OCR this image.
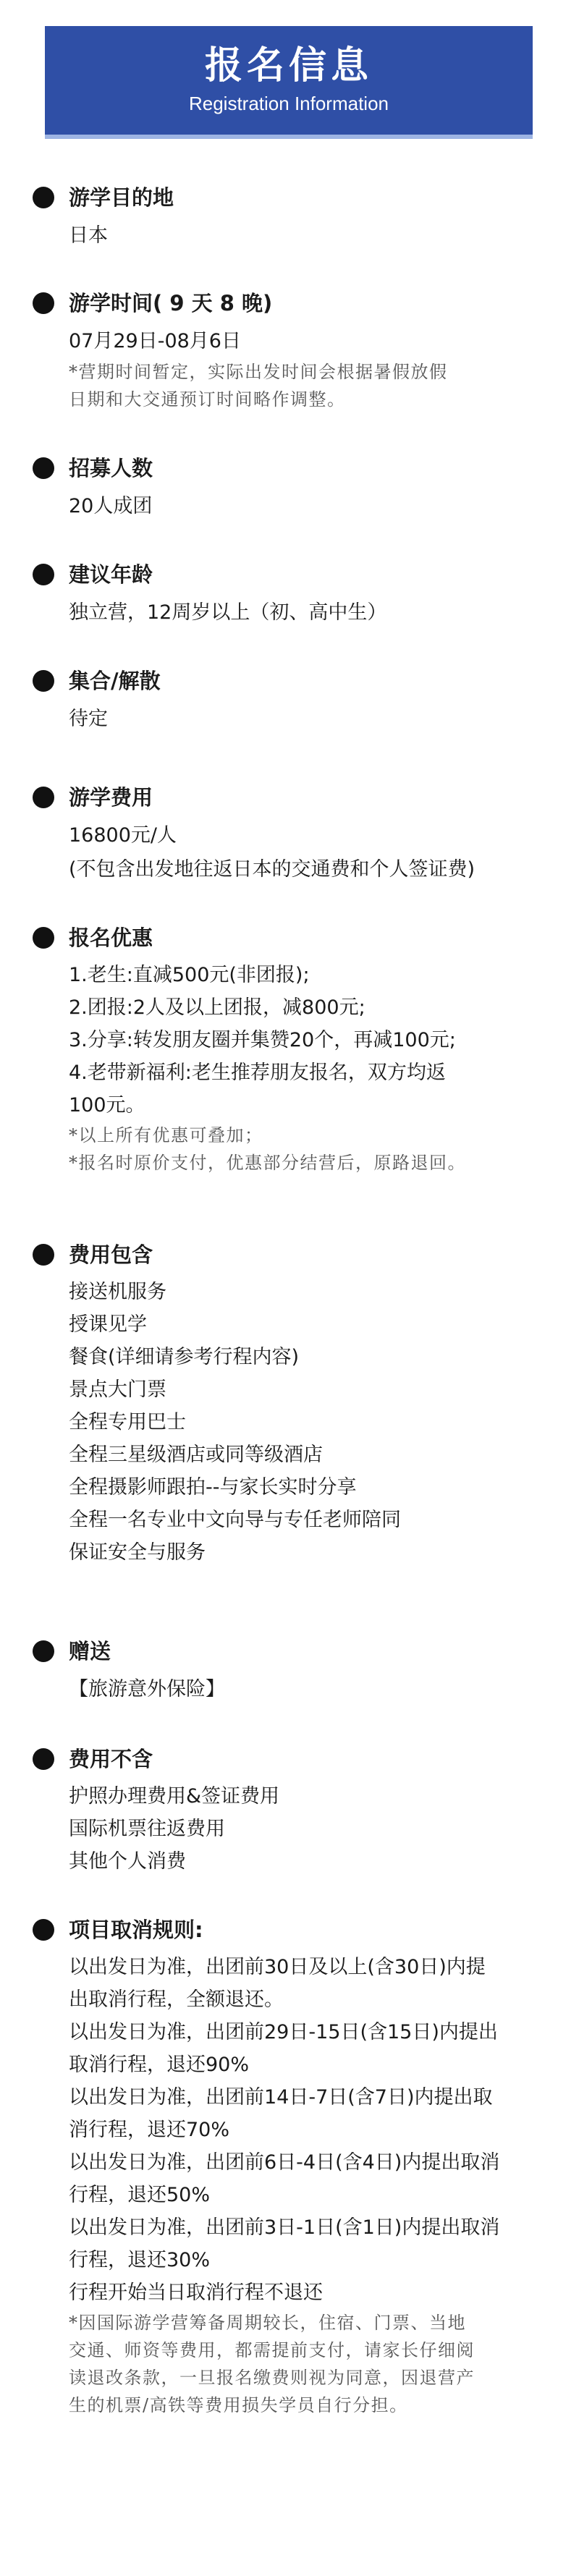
报名信息
Registration Information
游学目的地
日本
游学时间( 9 天 8 晚)
07月29日-08月6日
*营期时间暂定，实际出发时间会根据暑假放假
日期和大交通预订时间略作调整。
招募人数
20人成团
建议年龄
独立营，12周岁以上（初、高中生）
集合/解散
待定
游学费用
16800元/人
(不包含出发地往返日本的交通费和个人签证费)
报名优惠
1.老生:直减500元(非团报);
2.团报:2人及以上团报，减800元;
3.分享:转发朋友圈并集赞20个，再减100元;
4.老带新福利:老生推荐朋友报名，双方均返
100元。
*以上所有优惠可叠加；
*报名时原价支付，优惠部分结营后，原路退回。
费用包含
接送机服务
授课见学
餐食(详细请参考行程内容)
景点大门票
全程专用巴士
全程三星级酒店或同等级酒店
全程摄影师跟拍--与家长实时分享
全程一名专业中文向导与专任老师陪同
保证安全与服务
赠送
【旅游意外保险】
费用不含
护照办理费用&签证费用
国际机票往返费用
其他个人消费
项目取消规则:
以出发日为准，出团前30日及以上(含30日)内提
出取消行程，全额退还。
以出发日为准，出团前29日-15日(含15日)内提出
取消行程，退还90%
以出发日为准，出团前14日-7日(含7日)内提出取
消行程，退还70%
以出发日为准，出团前6日-4日(含4日)内提出取消
行程，退还50%
以出发日为准，出团前3日-1日(含1日)内提出取消
行程，退还30%
行程开始当日取消行程不退还
*因国际游学营筹备周期较长，住宿、门票、当地
交通、师资等费用，都需提前支付，请家长仔细阅
读退改条款，一旦报名缴费则视为同意，因退营产
生的机票/高铁等费用损失学员自行分担。
